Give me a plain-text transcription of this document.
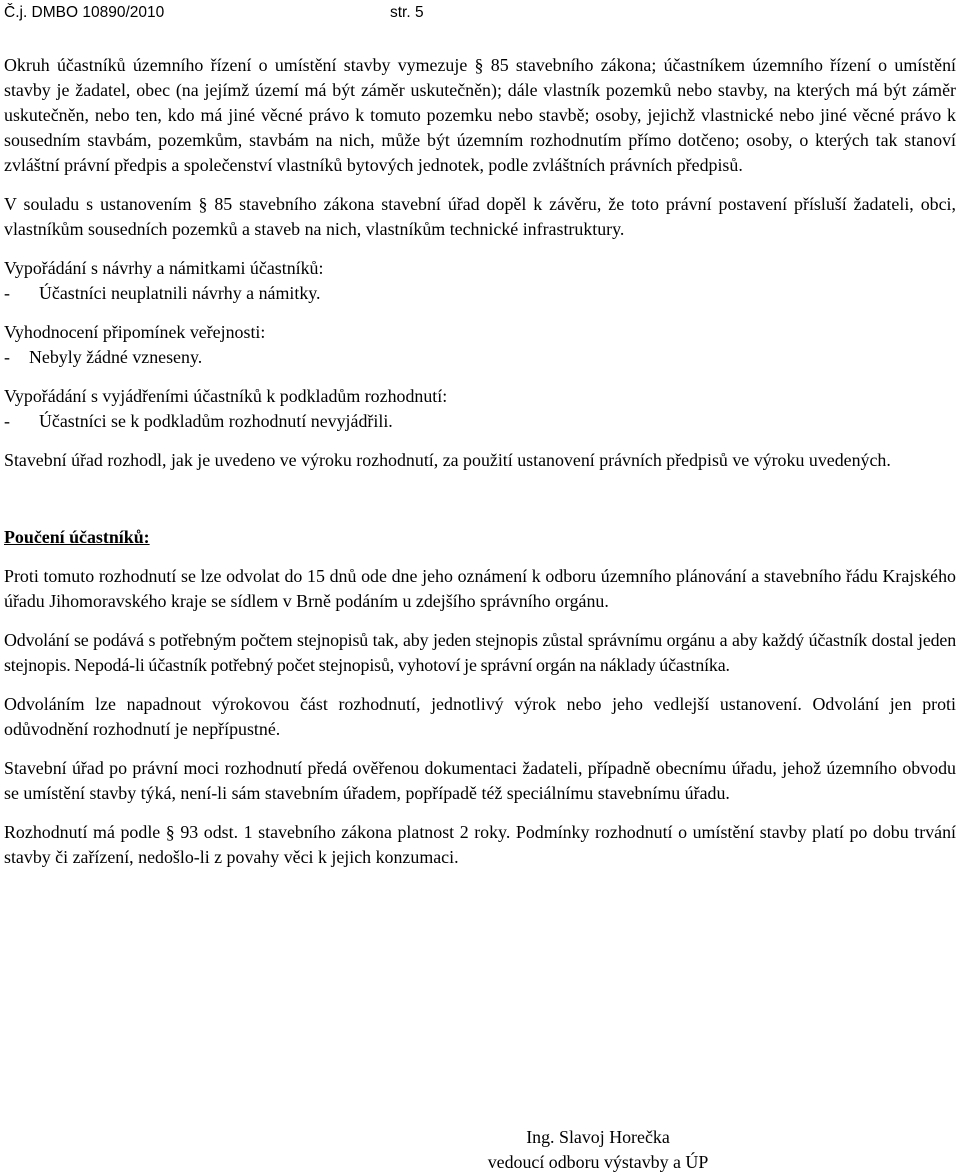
Č.j. DMBO 10890/2010	str. 5

Okruh účastníků územního řízení o umístění stavby vymezuje § 85 stavebního zákona; účastníkem územního řízení o umístění stavby je žadatel, obec (na jejímž území má být záměr uskutečněn); dále vlastník pozemků nebo stavby, na kterých má být záměr uskutečněn, nebo ten, kdo má jiné věcné právo k tomuto pozemku nebo stavbě; osoby, jejichž vlastnické nebo jiné věcné právo k sousedním stavbám, pozemkům, stavbám na nich, může být územním rozhodnutím přímo dotčeno; osoby, o kterých tak stanoví zvláštní právní předpis a společenství vlastníků bytových jednotek, podle zvláštních právních předpisů.

V souladu s ustanovením § 85 stavebního zákona stavební úřad dopěl k závěru, že toto právní postavení přísluší žadateli, obci, vlastníkům sousedních pozemků a staveb na nich, vlastníkům technické infrastruktury.

Vypořádání s návrhy a námitkami účastníků:

-	Účastníci neuplatnili návrhy a námitky.

Vyhodnocení připomínek veřejnosti:

-	Nebyly žádné vzneseny.

Vypořádání s vyjádřeními účastníků k podkladům rozhodnutí:

-	Účastníci se k podkladům rozhodnutí nevyjádřili.

Stavební úřad rozhodl, jak je uvedeno ve výroku rozhodnutí, za použití ustanovení právních předpisů ve výroku uvedených.

Poučení účastníků:

Proti tomuto rozhodnutí se lze odvolat do 15 dnů ode dne jeho oznámení k odboru územního plánování a stavebního řádu Krajského úřadu Jihomoravského kraje se sídlem v Brně podáním u zdejšího správního orgánu.

Odvolání se podává s potřebným počtem stejnopisů tak, aby jeden stejnopis zůstal správnímu orgánu a aby každý účastník dostal jeden stejnopis. Nepodá-li účastník potřebný počet stejnopisů, vyhotoví je správní orgán na náklady účastníka.

Odvoláním lze napadnout výrokovou část rozhodnutí, jednotlivý výrok nebo jeho vedlejší ustanovení. Odvolání jen proti odůvodnění rozhodnutí je nepřípustné.

Stavební úřad po právní moci rozhodnutí předá ověřenou dokumentaci žadateli, případně obecnímu úřadu, jehož územního obvodu se umístění stavby týká, není-li sám stavebním úřadem, popřípadě též speciálnímu stavebnímu úřadu.

Rozhodnutí má podle § 93 odst. 1 stavebního zákona platnost 2 roky. Podmínky rozhodnutí o umístění stavby platí po dobu trvání stavby či zařízení, nedošlo-li z povahy věci k jejich konzumaci.

Ing. Slavoj Horečka
vedoucí odboru výstavby a ÚP
